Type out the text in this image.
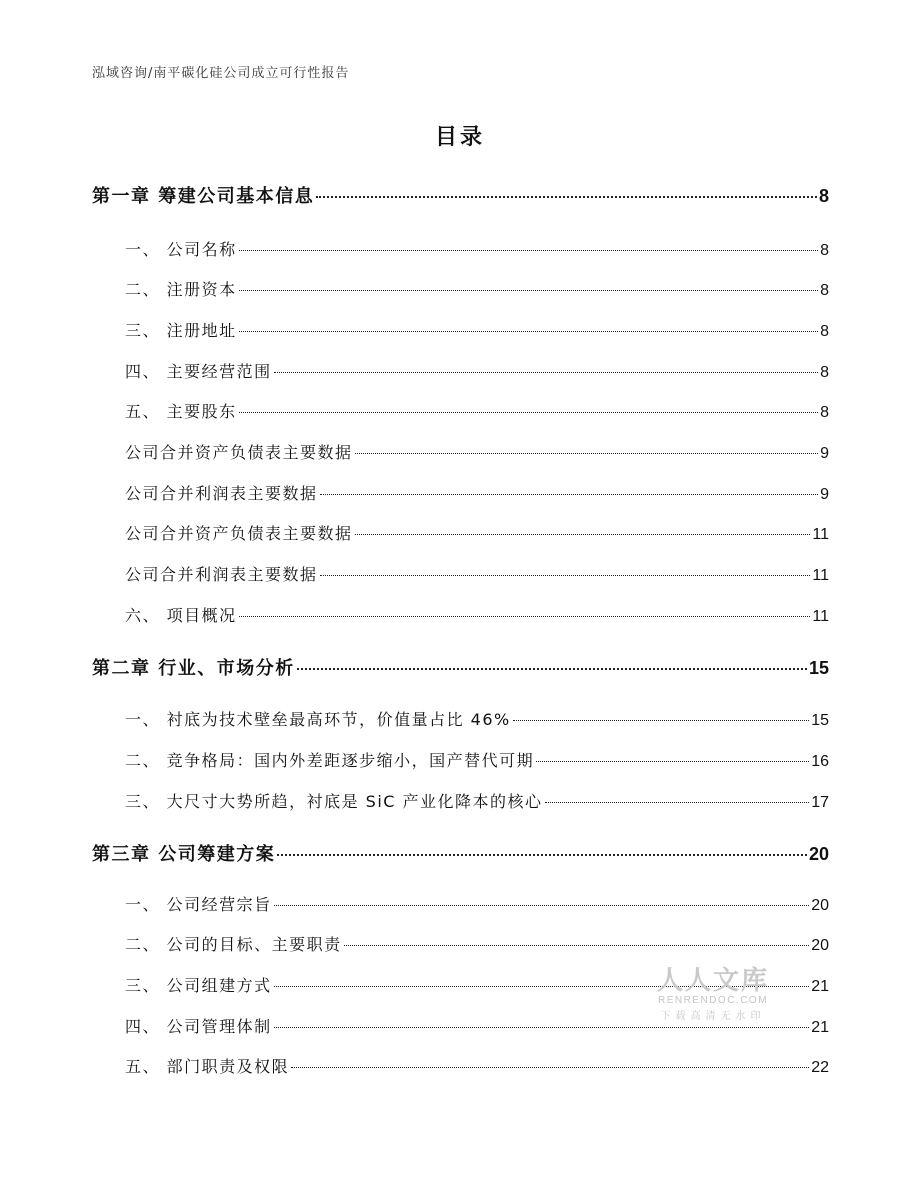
泓域咨询/南平碳化硅公司成立可行性报告
目录
第一章 筹建公司基本信息	8
一、 公司名称	8
二、 注册资本	8
三、 注册地址	8
四、 主要经营范围	8
五、 主要股东	8
公司合并资产负债表主要数据	9
公司合并利润表主要数据	9
公司合并资产负债表主要数据	11
公司合并利润表主要数据	11
六、 项目概况	11
第二章 行业、市场分析	15
一、 衬底为技术壁垒最高环节，价值量占比 46%	15
二、 竞争格局：国内外差距逐步缩小，国产替代可期	16
三、 大尺寸大势所趋，衬底是 SiC 产业化降本的核心	17
第三章 公司筹建方案	20
一、 公司经营宗旨	20
二、 公司的目标、主要职责	20
三、 公司组建方式	21
四、 公司管理体制	21
五、 部门职责及权限	22
人人文库
RENRENDOC.COM
下载高清无水印
